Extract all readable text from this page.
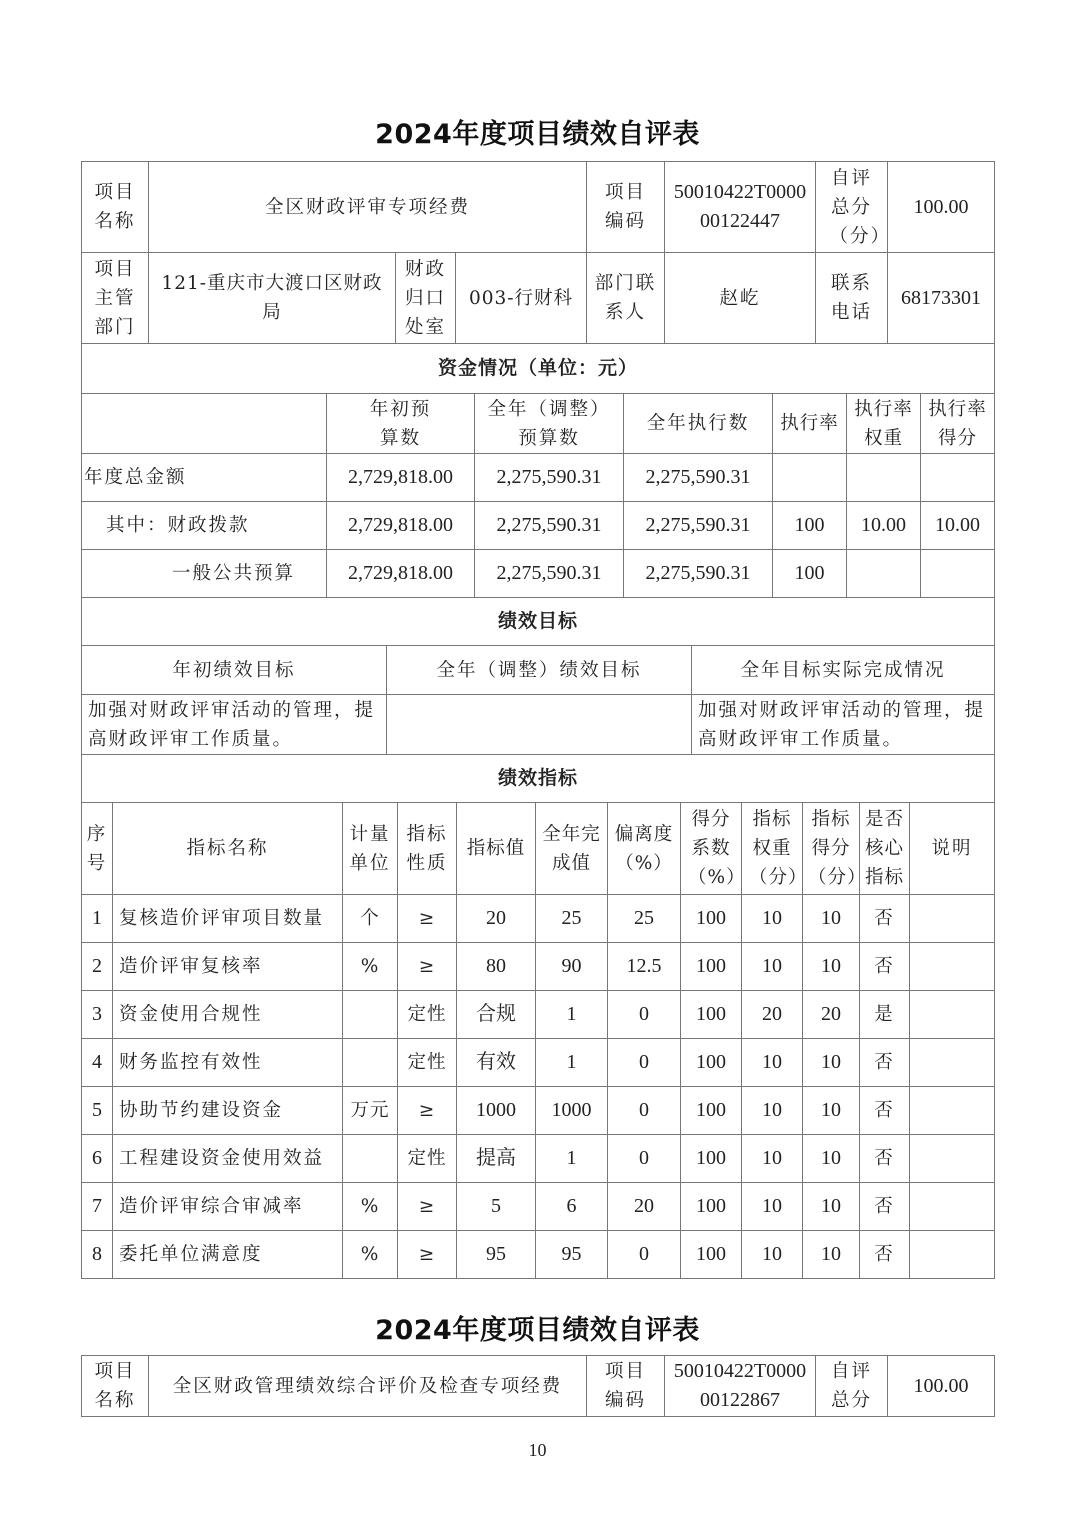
2024年度项目绩效自评表
项目名称	全区财政评审专项经费			项目编码	50010422T000000122447	自评总分（分）	100.00
项目主管部门	121-重庆市大渡口区财政局	财政归口处室	003-行财科	部门联系人	赵屹	联系电话	68173301
资金情况（单位：元）						
	年初预算数	全年（调整）预算数	全年执行数	执行率	执行率权重	执行率得分
年度总金额	2,729,818.00	2,275,590.31	2,275,590.31			
其中：财政拨款	2,729,818.00	2,275,590.31	2,275,590.31	100	10.00	10.00
一般公共预算	2,729,818.00	2,275,590.31	2,275,590.31	100		
绩效目标		
年初绩效目标	全年（调整）绩效目标	全年目标实际完成情况
加强对财政评审活动的管理，提高财政评审工作质量。		加强对财政评审活动的管理，提高财政评审工作质量。
绩效指标											
序号	指标名称	计量单位	指标性质	指标值	全年完成值	偏离度（%）	得分系数（%）	指标权重（分）	指标得分（分）	是否核心指标	说明
1	复核造价评审项目数量	个	≥	20	25	25	100	10	10	否	
2	造价评审复核率	%	≥	80	90	12.5	100	10	10	否	
3	资金使用合规性		定性	合规	1	0	100	20	20	是	
4	财务监控有效性		定性	有效	1	0	100	10	10	否	
5	协助节约建设资金	万元	≥	1000	1000	0	100	10	10	否	
6	工程建设资金使用效益		定性	提高	1	0	100	10	10	否	
7	造价评审综合审减率	%	≥	5	6	20	100	10	10	否	
8	委托单位满意度	%	≥	95	95	0	100	10	10	否	
2024年度项目绩效自评表
项目名称	全区财政管理绩效综合评价及检查专项经费	项目编码	50010422T000000122867	自评总分	100.00
10
